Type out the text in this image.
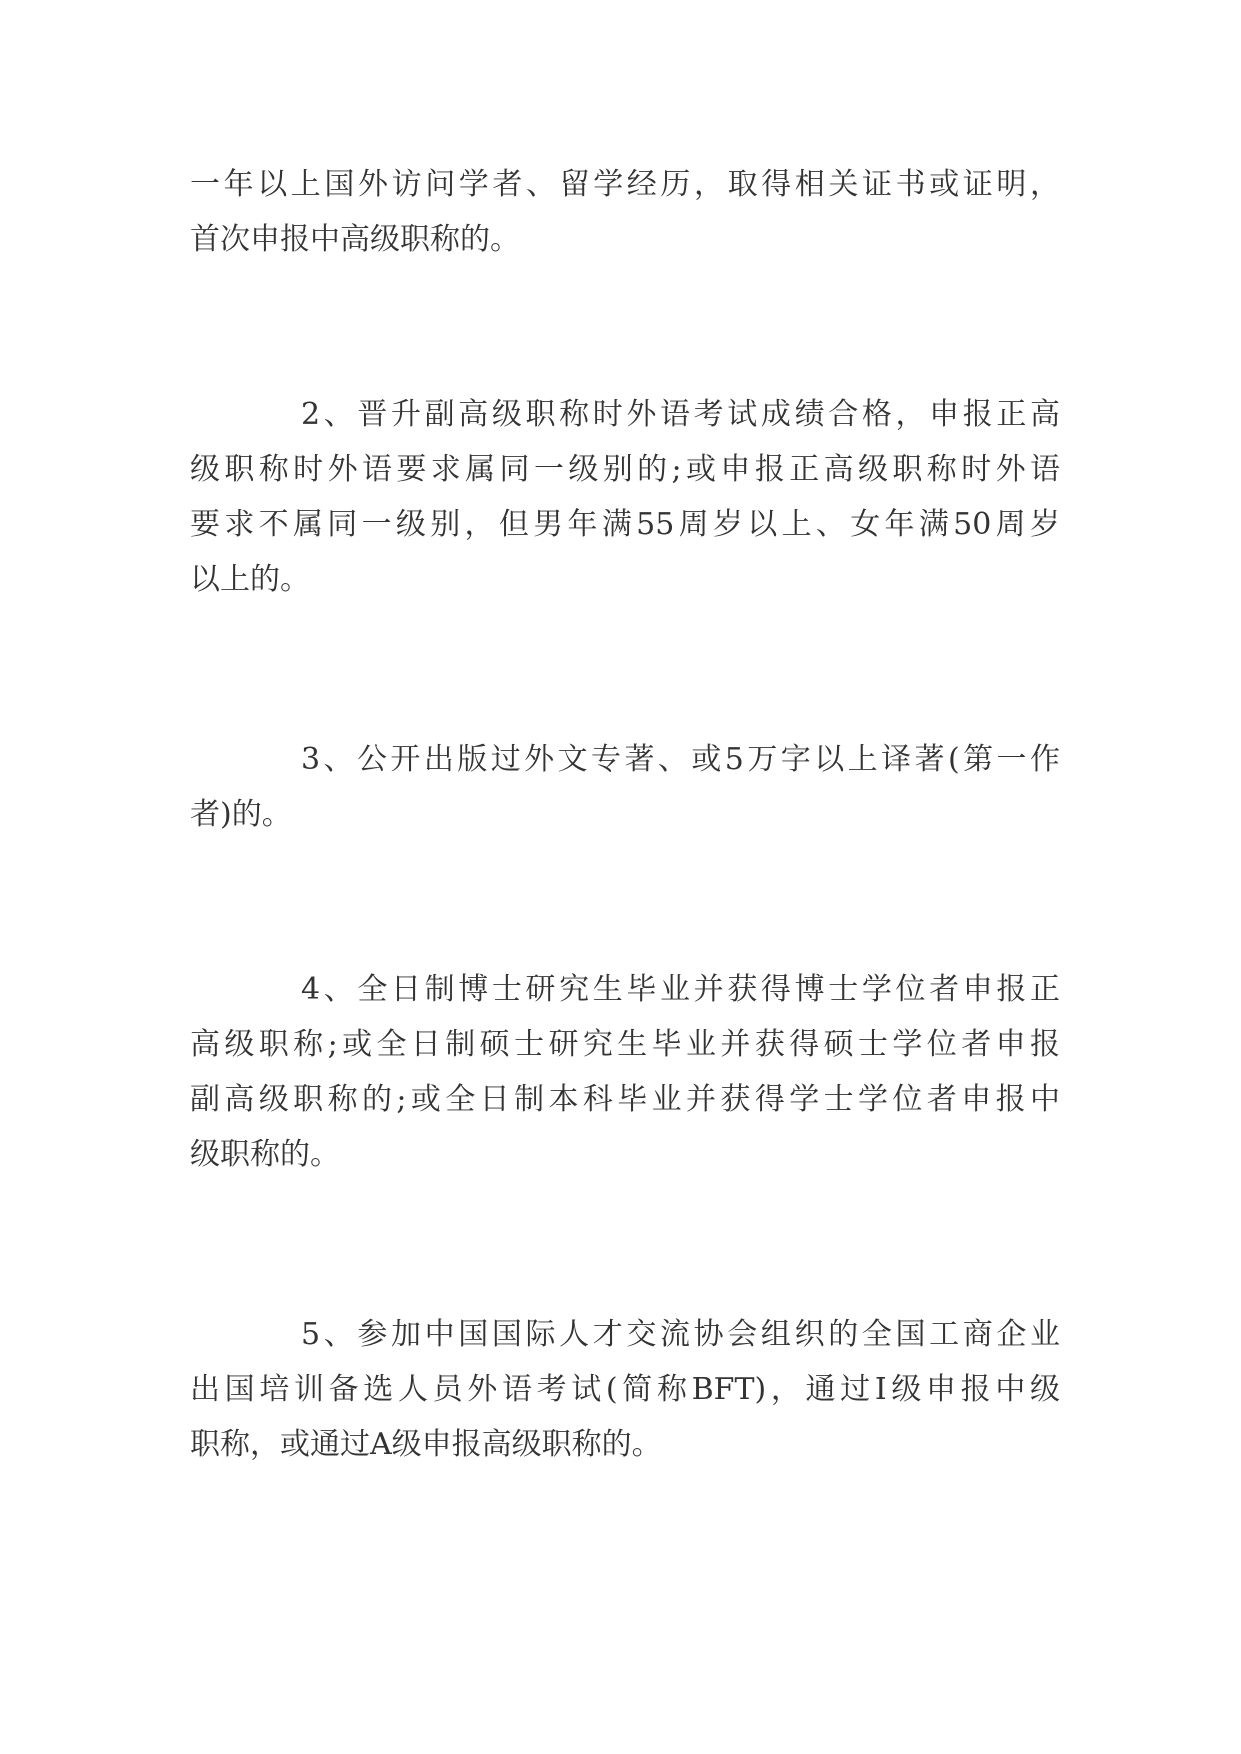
一年以上国外访问学者、留学经历，取得相关证书或证明，

首次申报中高级职称的。

2、晋升副高级职称时外语考试成绩合格，申报正高

级职称时外语要求属同一级别的;或申报正高级职称时外语

要求不属同一级别，但男年满55周岁以上、女年满50周岁

以上的。

3、公开出版过外文专著、或5万字以上译著(第一作

者)的。

4、全日制博士研究生毕业并获得博士学位者申报正

高级职称;或全日制硕士研究生毕业并获得硕士学位者申报

副高级职称的;或全日制本科毕业并获得学士学位者申报中

级职称的。

5、参加中国国际人才交流协会组织的全国工商企业

出国培训备选人员外语考试(简称BFT)，通过I级申报中级

职称，或通过A级申报高级职称的。
